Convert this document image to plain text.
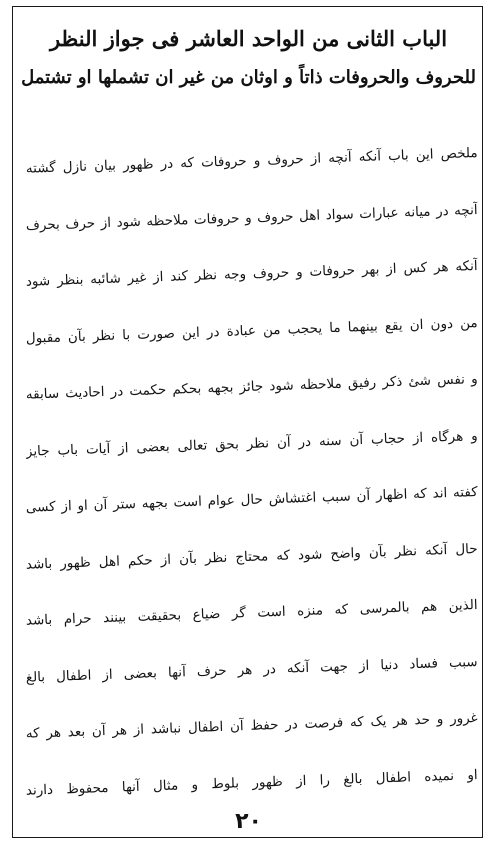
الباب الثانی من الواحد العاشر فی جواز النظر
للحروف والحروفات ذاتاً و اوثان من غیر ان تشملها او تشتمل
ملخص این باب آنکه آنچه از حروف و حروفات که در ظهور بیان نازل گشته
آنچه در میانه عبارات سواد اهل حروف و حروفات ملاحظه شود از حرف بحرف
آنکه هر کس از بهر حروفات و حروف وجه نظر کند از غیر شائبه بنظر شود
من دون ان یقع بینهما ما یحجب من عبادة در این صورت با نظر بآن مقبول
و نفس شئ ذکر رفیق ملاحظه شود جائز بجهه بحکم حکمت در احادیث سابقه
و هرگاه از حجاب آن سنه در آن نظر بحق تعالی بعضی از آیات باب جایز
کفته اند که اظهار آن سبب اغتشاش حال عوام است بجهه ستر آن او از کسی
حال آنکه نظر بآن واضح شود که محتاج نظر بآن از حکم اهل ظهور باشد
الذین هم بالمرسی که منزه است گر ضیاع بحقیقت بینند حرام باشد
سبب فساد دنیا از جهت آنکه در هر حرف آنها بعضی از اطفال بالغ
غرور و حد هر یک که فرصت در حفظ آن اطفال نباشد از هر آن بعد هر که
او نمیده اطفال بالغ را از ظهور بلوط و مثال آنها محفوظ دارند
٢٠
